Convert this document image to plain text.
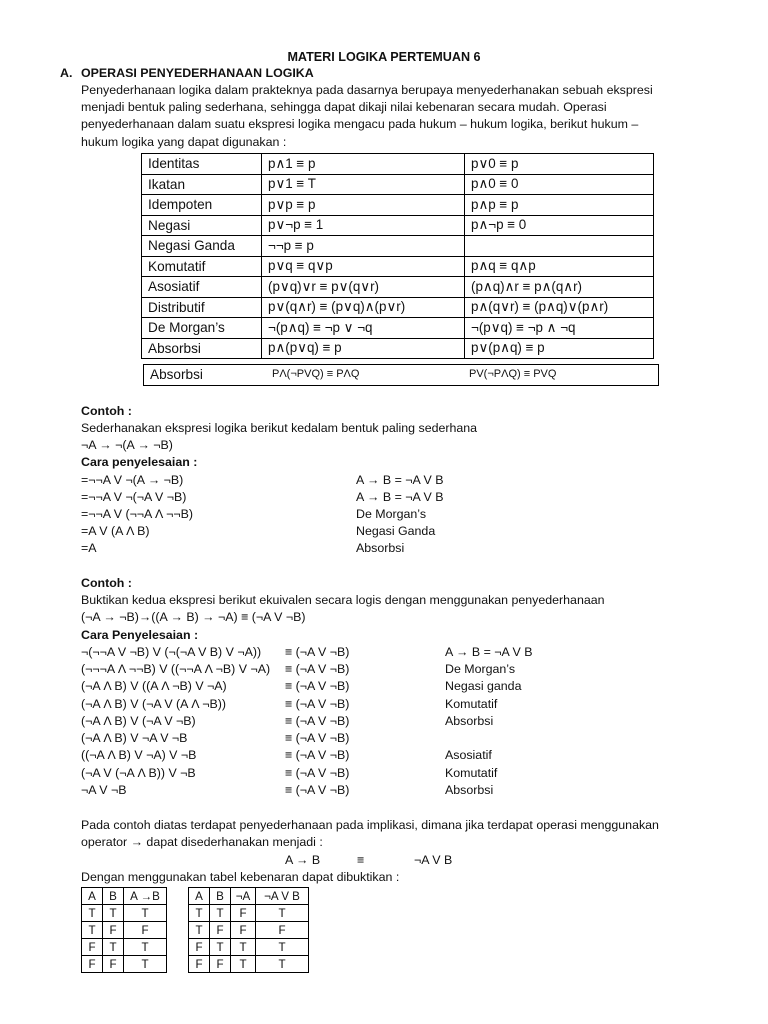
MATERI LOGIKA PERTEMUAN 6
A. OPERASI PENYEDERHANAAN LOGIKA

Penyederhanaan logika dalam prakteknya pada dasarnya berupaya menyederhanakan sebuah ekspresi

menjadi bentuk paling sederhana, sehingga dapat dikaji nilai kebenaran secara mudah. Operasi

penyederhanaan dalam suatu ekspresi logika mengacu pada hukum – hukum logika, berikut hukum –

hukum logika yang dapat digunakan :

Identitas	p∧1 ≡ p	p∨0 ≡ p
Ikatan	p∨1 ≡ T	p∧0 ≡ 0
Idempoten	p∨p ≡ p	p∧p ≡ p
Negasi	p∨¬p ≡ 1	p∧¬p ≡ 0
Negasi Ganda	¬¬p ≡ p	
Komutatif	p∨q ≡ q∨p	p∧q ≡ q∧p
Asosiatif	(p∨q)∨r ≡ p∨(q∨r)	(p∧q)∧r ≡ p∧(q∧r)
Distributif	p∨(q∧r) ≡ (p∨q)∧(p∨r)	p∧(q∨r) ≡ (p∧q)∨(p∧r)
De Morgan’s	¬(p∧q) ≡ ¬p ∨ ¬q	¬(p∨q) ≡ ¬p ∧ ¬q
Absorbsi	p∧(p∨q) ≡ p	p∨(p∧q) ≡ p
Absorbsi	PΛ(¬PVQ) ≡ PΛQ	PV(¬PΛQ) ≡ PVQ
Contoh :
Sederhanakan ekspresi logika berikut kedalam bentuk paling sederhana
¬A → ¬(A → ¬B)
Cara penyelesaian :
=¬¬A V ¬(A → ¬B)	A → B = ¬A V B
=¬¬A V ¬(¬A V ¬B)	A → B = ¬A V B
=¬¬A V (¬¬A Λ ¬¬B)	De Morgan’s
=A V (A Λ B)	Negasi Ganda
=A	Absorbsi
Contoh :
Buktikan kedua ekspresi berikut ekuivalen secara logis dengan menggunakan penyederhanaan
(¬A → ¬B)→((A → B) → ¬A) ≡ (¬A V ¬B)
Cara Penyelesaian :
¬(¬¬A V ¬B) V (¬(¬A V B) V ¬A)) ≡ (¬A V ¬B)	A → B = ¬A V B
(¬¬¬A Λ ¬¬B) V ((¬¬A Λ ¬B) V ¬A) ≡ (¬A V ¬B)	De Morgan’s
(¬A Λ B) V ((A Λ ¬B) V ¬A)	≡ (¬A V ¬B)	Negasi ganda
(¬A Λ B) V (¬A V (A Λ ¬B))	≡ (¬A V ¬B)	Komutatif
(¬A Λ B) V (¬A V ¬B)	≡ (¬A V ¬B)	Absorbsi
(¬A Λ B) V ¬A V ¬B	≡ (¬A V ¬B)
((¬A Λ B) V ¬A) V ¬B	≡ (¬A V ¬B)	Asosiatif
(¬A V (¬A Λ B)) V ¬B	≡ (¬A V ¬B)	Komutatif
¬A V ¬B	≡ (¬A V ¬B)	Absorbsi
Pada contoh diatas terdapat penyederhanaan pada implikasi, dimana jika terdapat operasi menggunakan
operator → dapat disederhanakan menjadi :
A → B	≡	¬A V B
Dengan menggunakan tabel kebenaran dapat dibuktikan :
A	B	A →B
T	T	T
T	F	F
F	T	T
F	F	T
A	B	¬A	¬A V B
T	T	F	T
T	F	F	F
F	T	T	T
F	F	T	T
